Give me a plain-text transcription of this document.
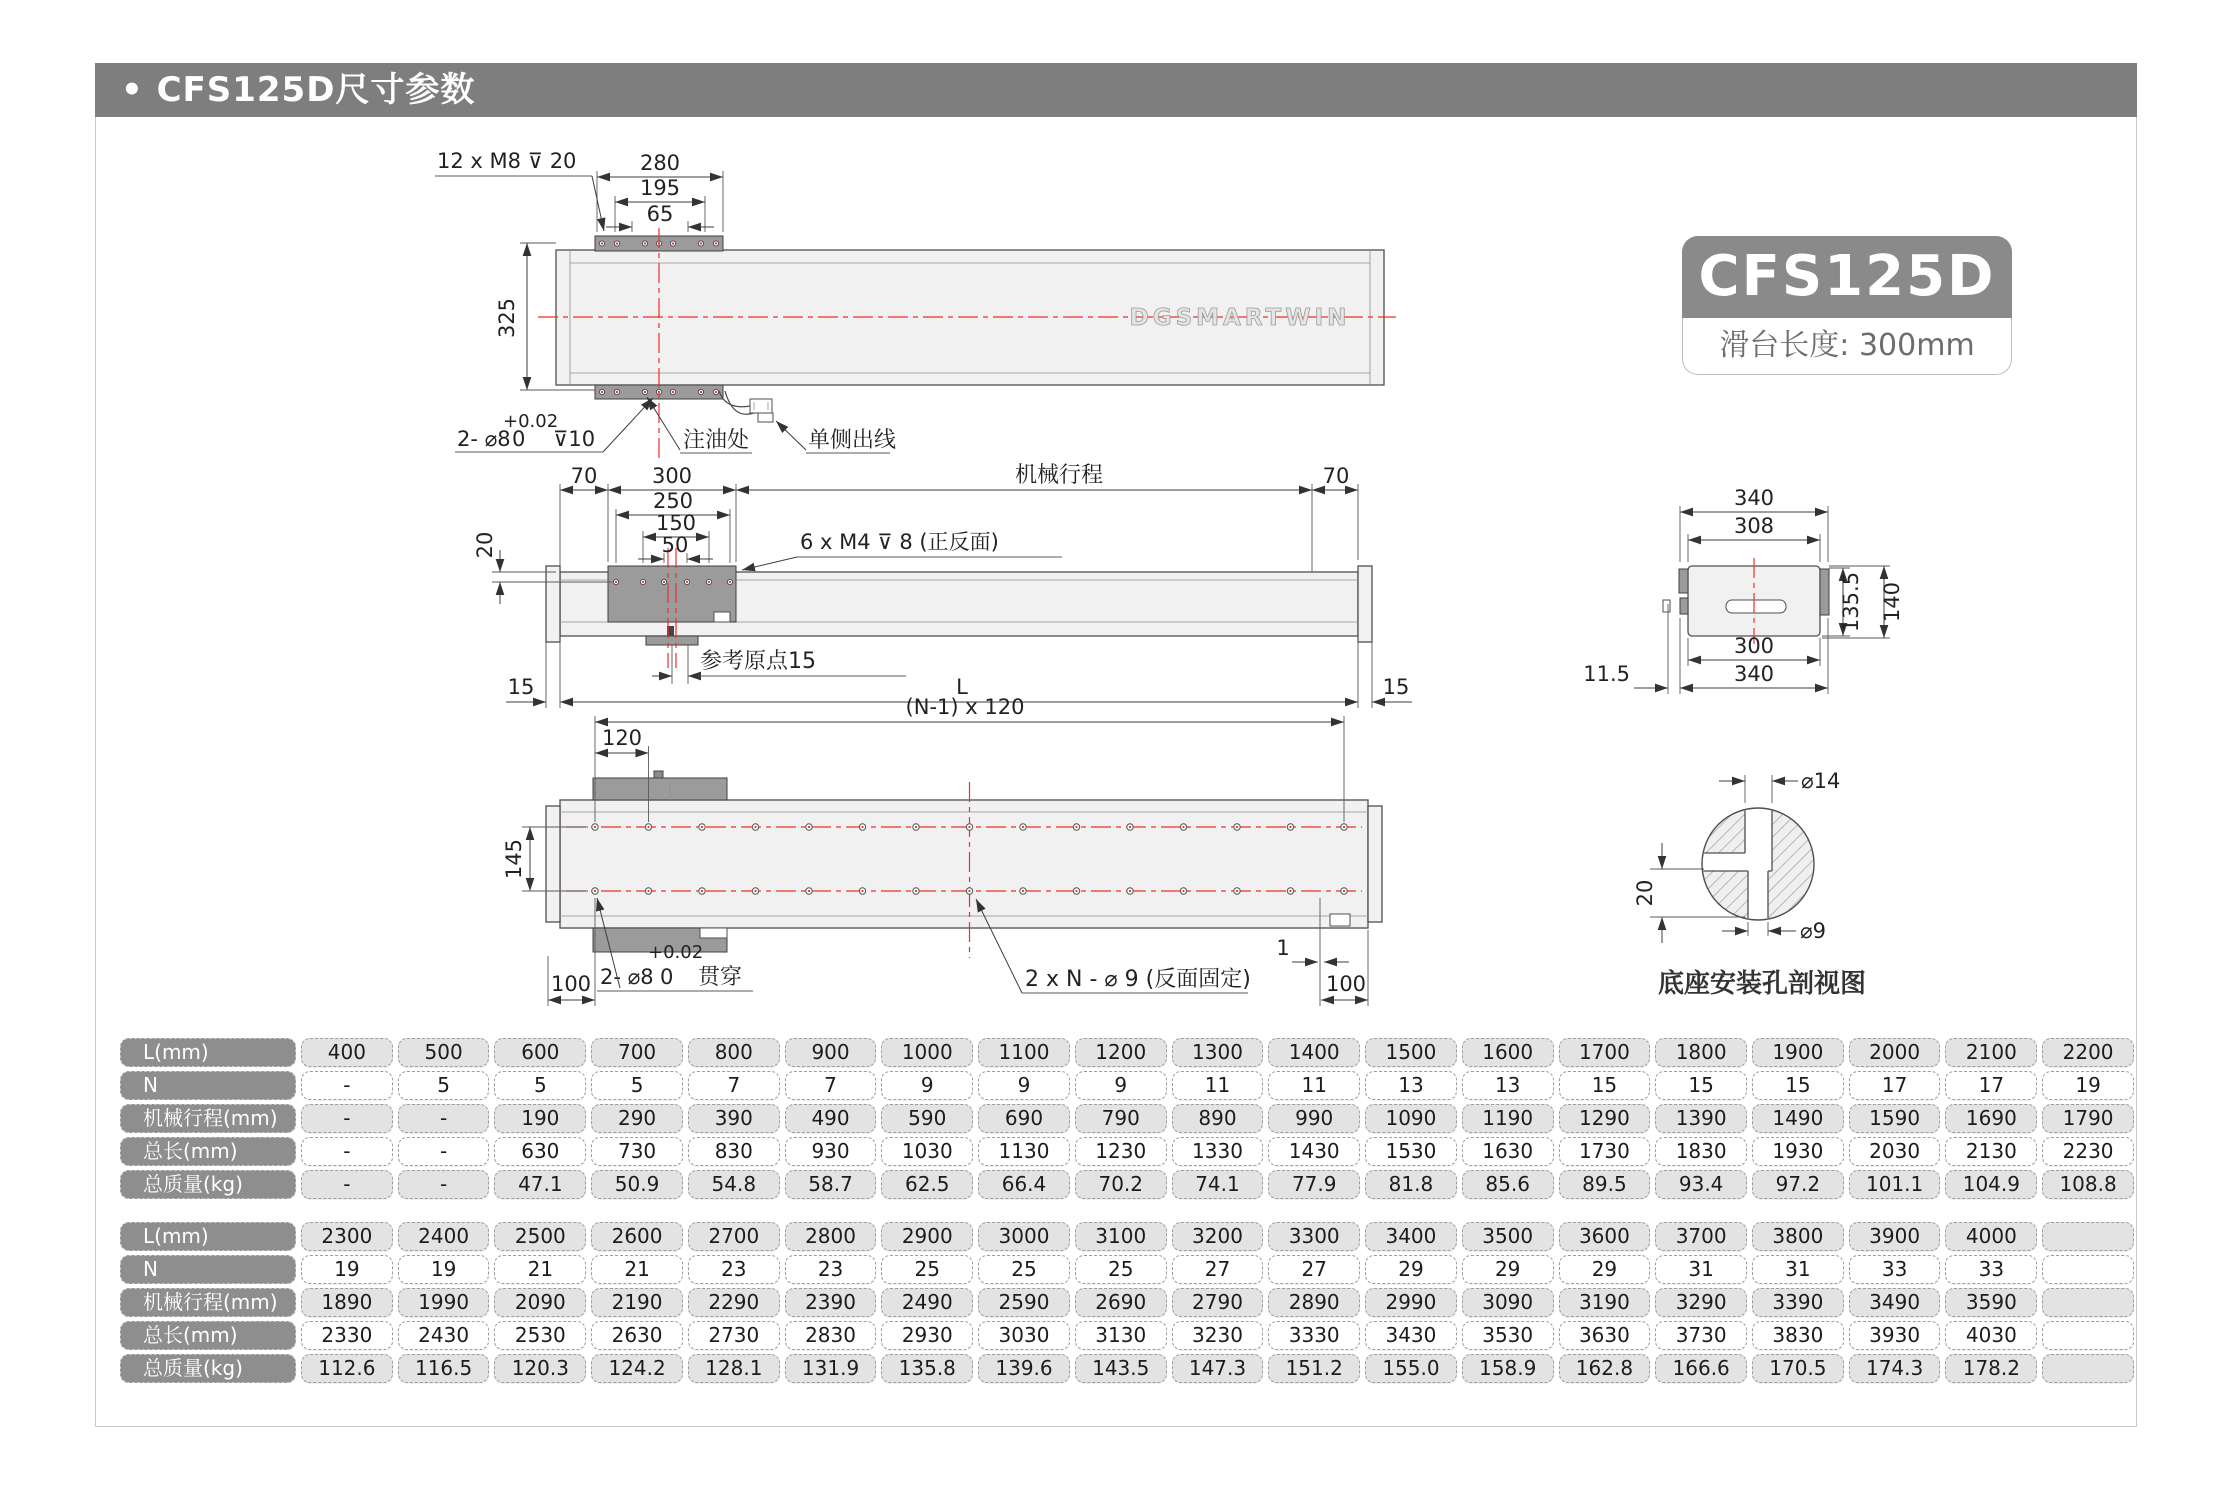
• CFS125D尺寸参数
CFS125D
滑台长度: 300mm
280
195
65
12 x M8 ⊽ 20
325
+0.02
2- ⌀8 0 ⊽10	注油处	单侧出线
DGSMARTWIN
70	300	机械行程	70
250
150
50
20	6 x M4 ⊽ 8 (正反面)
参考原点15
15	L	15
340
308
135.5 140
300
340
11.5
(N-1) x 120
120
145
100
+0.02
2- ⌀8 0 贯穿	2 x N - ⌀ 9 (反面固定)
1
100
⌀14
20
⌀9
底座安装孔剖视图
L(mm)	400	500	600	700	800	900	1000	1100	1200	1300	1400	1500	1600	1700	1800	1900	2000	2100	2200
N	-	5	5	5	7	7	9	9	9	11	11	13	13	15	15	15	17	17	19
机械行程(mm)	-	-	190	290	390	490	590	690	790	890	990	1090	1190	1290	1390	1490	1590	1690	1790
总长(mm)	-	-	630	730	830	930	1030	1130	1230	1330	1430	1530	1630	1730	1830	1930	2030	2130	2230
总质量(kg)	-	-	47.1	50.9	54.8	58.7	62.5	66.4	70.2	74.1	77.9	81.8	85.6	89.5	93.4	97.2	101.1	104.9	108.8
L(mm)	2300	2400	2500	2600	2700	2800	2900	3000	3100	3200	3300	3400	3500	3600	3700	3800	3900	4000
N	19	19	21	21	23	23	25	25	25	27	27	29	29	29	31	31	33	33
机械行程(mm)	1890	1990	2090	2190	2290	2390	2490	2590	2690	2790	2890	2990	3090	3190	3290	3390	3490	3590
总长(mm)	2330	2430	2530	2630	2730	2830	2930	3030	3130	3230	3330	3430	3530	3630	3730	3830	3930	4030
总质量(kg)	112.6	116.5	120.3	124.2	128.1	131.9	135.8	139.6	143.5	147.3	151.2	155.0	158.9	162.8	166.6	170.5	174.3	178.2
